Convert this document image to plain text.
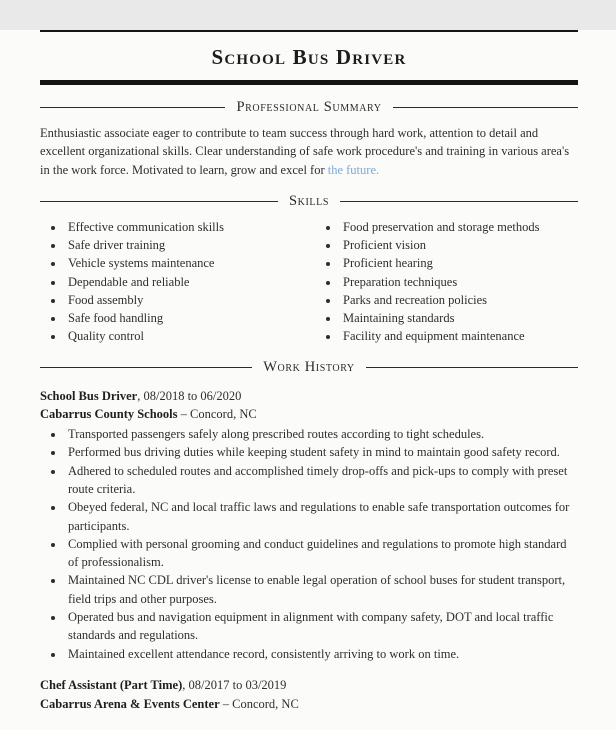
School Bus Driver
Professional Summary

Enthusiastic associate eager to contribute to team success through hard work, attention to detail and excellent organizational skills. Clear understanding of safe work procedure's and training in various area's in the work force. Motivated to learn, grow and excel for the future.

Skills
• Effective communication skills
• Safe driver training
• Vehicle systems maintenance
• Dependable and reliable
• Food assembly
• Safe food handling
• Quality control
• Food preservation and storage methods
• Proficient vision
• Proficient hearing
• Preparation techniques
• Parks and recreation policies
• Maintaining standards
• Facility and equipment maintenance
Work History
School Bus Driver, 08/2018 to 06/2020
Cabarrus County Schools – Concord, NC
• Transported passengers safely along prescribed routes according to tight schedules.
• Performed bus driving duties while keeping student safety in mind to maintain good safety record.
• Adhered to scheduled routes and accomplished timely drop-offs and pick-ups to comply with preset route criteria.
• Obeyed federal, NC and local traffic laws and regulations to enable safe transportation outcomes for participants.
• Complied with personal grooming and conduct guidelines and regulations to promote high standard of professionalism.
• Maintained NC CDL driver's license to enable legal operation of school buses for student transport, field trips and other purposes.
• Operated bus and navigation equipment in alignment with company safety, DOT and local traffic standards and regulations.
• Maintained excellent attendance record, consistently arriving to work on time.
Chef Assistant (Part Time), 08/2017 to 03/2019
Cabarrus Arena & Events Center – Concord, NC
